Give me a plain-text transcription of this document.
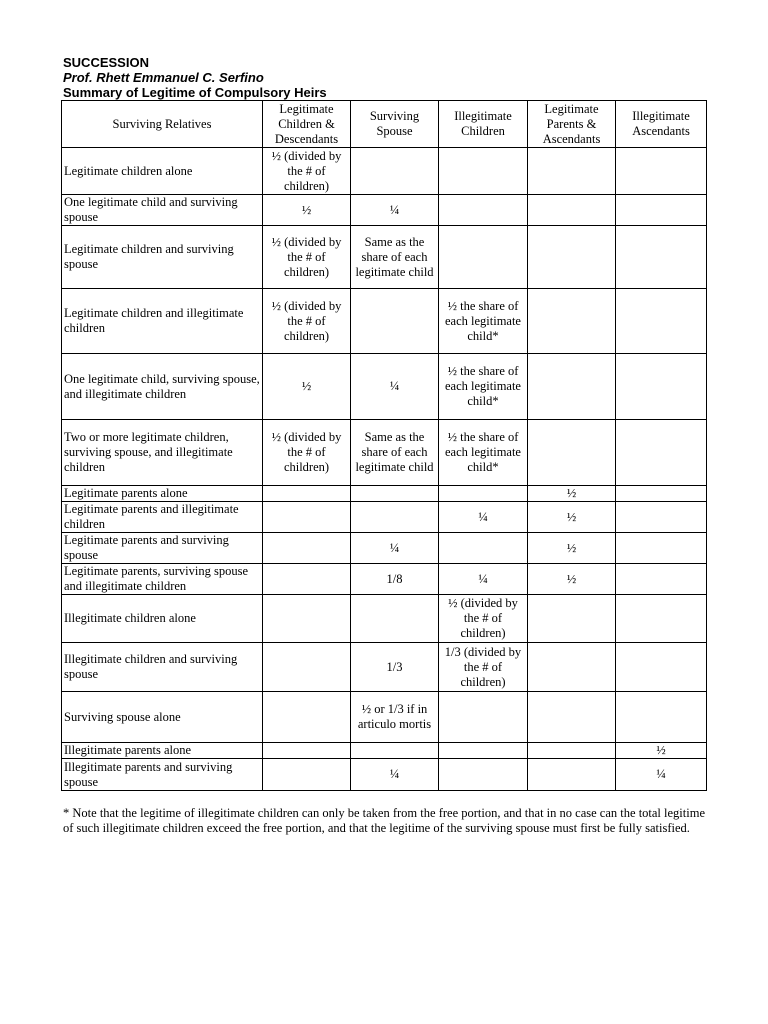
SUCCESSION
Prof. Rhett Emmanuel C. Serfino
Summary of Legitime of Compulsory Heirs
Surviving Relatives	Legitimate Children & Descendants	Surviving Spouse	Illegitimate Children	Legitimate Parents & Ascendants	Illegitimate Ascendants
Legitimate children alone	½ (divided by the # of children)				
One legitimate child and surviving spouse	½	¼			
Legitimate children and surviving spouse	½ (divided by the # of children)	Same as the share of each legitimate child			
Legitimate children and illegitimate children	½ (divided by the # of children)		½ the share of each legitimate child*		
One legitimate child, surviving spouse, and illegitimate children	½	¼	½ the share of each legitimate child*		
Two or more legitimate children, surviving spouse, and illegitimate children	½ (divided by the # of children)	Same as the share of each legitimate child	½ the share of each legitimate child*		
Legitimate parents alone				½	
Legitimate parents and illegitimate children			¼	½	
Legitimate parents and surviving spouse		¼		½	
Legitimate parents, surviving spouse and illegitimate children		1/8	¼	½	
Illegitimate children alone			½ (divided by the # of children)		
Illegitimate children and surviving spouse		1/3	1/3 (divided by the # of children)		
Surviving spouse alone		½ or 1/3 if in articulo mortis			
Illegitimate parents alone					½
Illegitimate parents and surviving spouse		¼			¼
* Note that the legitime of illegitimate children can only be taken from the free portion, and that in no case can the total legitime of such illegitimate children exceed the free portion, and that the legitime of the surviving spouse must first be fully satisfied.
